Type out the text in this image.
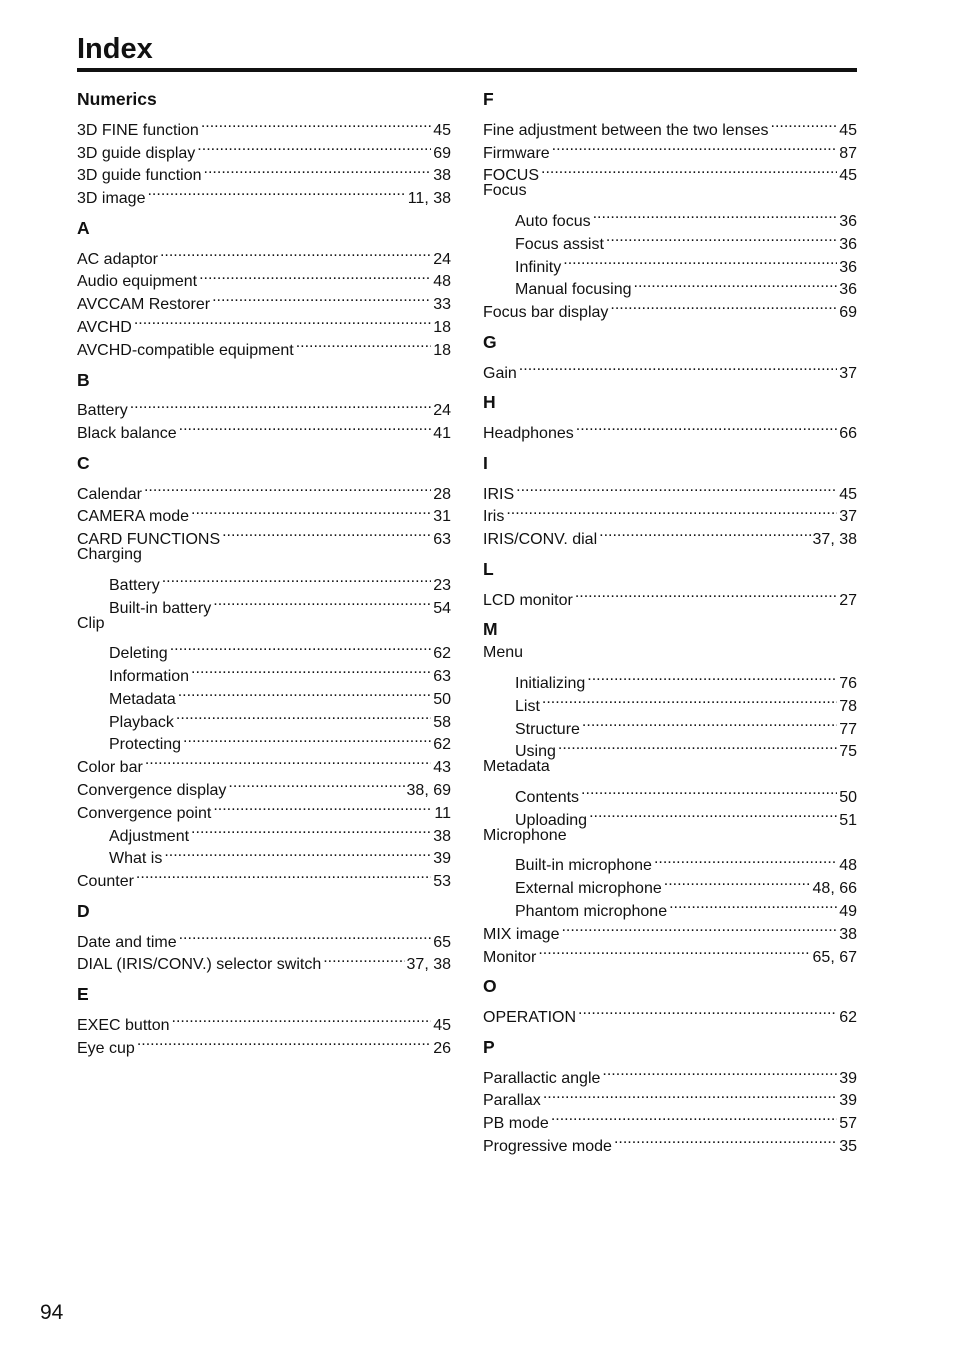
Index
Numerics
3D FINE function .....	45
3D guide display .....	69
3D guide function .....	38
3D image .....	11, 38
A
AC adaptor .....	24
Audio equipment .....	48
AVCCAM Restorer .....	33
AVCHD .....	18
AVCHD-compatible equipment .....	18
B
Battery .....	24
Black balance .....	41
C
Calendar .....	28
CAMERA mode .....	31
CARD FUNCTIONS .....	63
Charging
Battery .....	23
Built-in battery .....	54
Clip
Deleting .....	62
Information .....	63
Metadata .....	50
Playback .....	58
Protecting .....	62
Color bar .....	43
Convergence display .....	38, 69
Convergence point .....	11
Adjustment .....	38
What is .....	39
Counter .....	53
D
Date and time .....	65
DIAL (IRIS/CONV.) selector switch .....	37, 38
E
EXEC button .....	45
Eye cup .....	26
F
Fine adjustment between the two lenses .....	45
Firmware .....	87
FOCUS .....	45
Focus
Auto focus .....	36
Focus assist .....	36
Infinity .....	36
Manual focusing .....	36
Focus bar display .....	69
G
Gain .....	37
H
Headphones .....	66
I
IRIS .....	45
Iris .....	37
IRIS/CONV. dial .....	37, 38
L
LCD monitor .....	27
M
Menu
Initializing .....	76
List .....	78
Structure .....	77
Using .....	75
Metadata
Contents .....	50
Uploading .....	51
Microphone
Built-in microphone .....	48
External microphone .....	48, 66
Phantom microphone .....	49
MIX image .....	38
Monitor .....	65, 67
O
OPERATION .....	62
P
Parallactic angle .....	39
Parallax .....	39
PB mode .....	57
Progressive mode .....	35
94
